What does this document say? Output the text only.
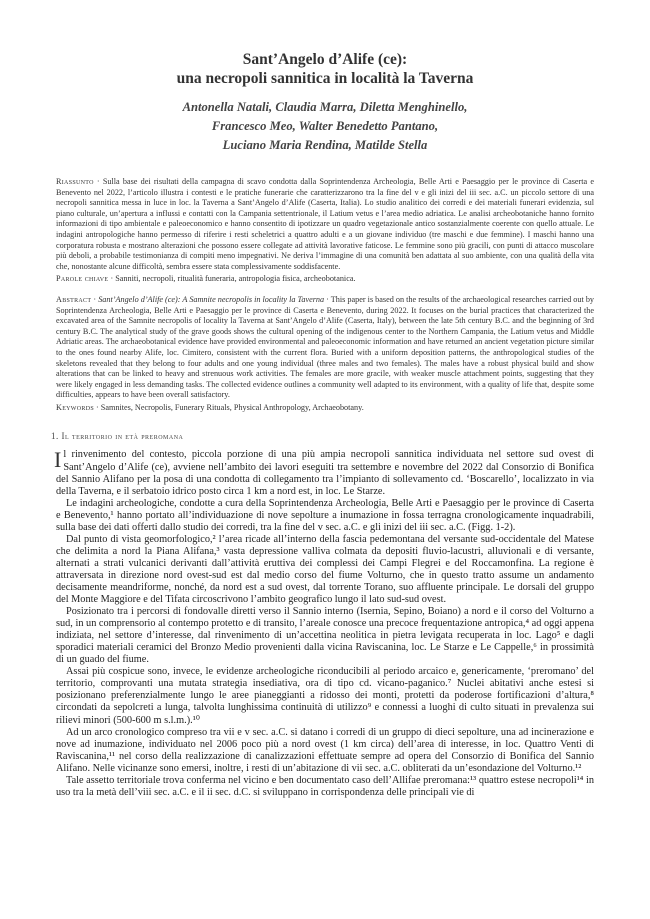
Sant’Angelo d’Alife (ce):
una necropoli sannitica in località la Taverna
Antonella Natali, Claudia Marra, Diletta Menghinello,
Francesco Meo, Walter Benedetto Pantano,
Luciano Maria Rendina, Matilde Stella

Riassunto · Sulla base dei risultati della campagna di scavo condotta dalla Soprintendenza Archeologia, Belle Arti e Paesaggio per le province di Caserta e Benevento nel 2022, l’articolo illustra i contesti e le pratiche funerarie che caratterizzarono tra la fine del v e gli inizi del iii sec. a.C. un piccolo settore di una necropoli sannitica messa in luce in loc. la Taverna a Sant’Angelo d’Alife (Caserta, Italia). Lo studio analitico dei corredi e dei materiali funerari evidenzia, sul piano culturale, un’apertura a influssi e contatti con la Campania settentrionale, il Latium vetus e l’area medio adriatica. Le analisi archeobotaniche hanno fornito informazioni di tipo ambientale e paleoeconomico e hanno consentito di ipotizzare un quadro vegetazionale antico sostanzialmente coerente con quello attuale. Le indagini antropologiche hanno permesso di riferire i resti scheletrici a quattro adulti e a un giovane individuo (tre maschi e due femmine). I maschi hanno una corporatura robusta e mostrano alterazioni che possono essere collegate ad attività lavorative faticose. Le femmine sono più gracili, con punti di attacco muscolare più deboli, a probabile testimonianza di compiti meno impegnativi. Ne deriva l’immagine di una comunità ben adattata al suo ambiente, con una qualità della vita che, nonostante alcune difficoltà, sembra essere stata complessivamente soddisfacente.

Parole chiave · Sanniti, necropoli, ritualità funeraria, antropologia fisica, archeobotanica.

Abstract · Sant’Angelo d’Alife (ce): A Samnite necropolis in locality la Taverna · This paper is based on the results of the archaeological researches carried out by Soprintendenza Archeologia, Belle Arti e Paesaggio per le province di Caserta e Benevento, during 2022. It focuses on the burial practices that characterized the excavated area of the Samnite necropolis of locality la Taverna at Sant’Angelo d’Alife (Caserta, Italy), between the late 5th century B.C. and the beginning of 3rd century B.C. The analytical study of the grave goods shows the cultural opening of the indigenous center to the Northern Campania, the Latium vetus and Middle Adriatic areas. The archaeobotanical evidence have provided environmental and paleoeconomic information and have returned an ancient vegetation picture similar to the ones found nearby Alife, loc. Cimitero, consistent with the current flora. Buried with a uniform deposition patterns, the anthropological studies of the skeletons revealed that they belong to four adults and one young individual (three males and two females). The males have a robust physical build and show alterations that can be linked to heavy and strenuous work activities. The females are more gracile, with weaker muscle attachment points, suggesting that they were likely engaged in less demanding tasks. The collected evidence outlines a community well adapted to its environment, with a quality of life that, despite some difficulties, appears to have been overall satisfactory.

Keywords · Samnites, Necropolis, Funerary Rituals, Physical Anthropology, Archaeobotany.

1. Il territorio in età preromana

Il rinvenimento del contesto, piccola porzione di una più ampia necropoli sannitica individuata nel settore sud ovest di Sant’Angelo d’Alife (ce), avviene nell’ambito dei lavori eseguiti tra settembre e novembre del 2022 dal Consorzio di Bonifica del Sannio Alifano per la posa di una condotta di collegamento tra l’impianto di sollevamento cd. ‘Boscarello’, localizzato in via della Taverna, e il serbatoio idrico posto circa 1 km a nord est, in loc. Le Starze.

Le indagini archeologiche, condotte a cura della Soprintendenza Archeologia, Belle Arti e Paesaggio per le province di Caserta e Benevento,¹ hanno portato all’individuazione di nove sepolture a inumazione in fossa terragna cronologicamente inquadrabili, sulla base dei dati offerti dallo studio dei corredi, tra la fine del v sec. a.C. e gli inizi del iii sec. a.C. (Figg. 1-2).

Dal punto di vista geomorfologico,² l’area ricade all’interno della fascia pedemontana del versante sud-occidentale del Matese che delimita a nord la Piana Alifana,³ vasta depressione valliva colmata da depositi fluvio-lacustri, alluvionali e di versante, alternati a strati vulcanici derivanti dall’attività eruttiva dei complessi dei Campi Flegrei e del Roccamonfina. La regione è attraversata in direzione nord ovest-sud est dal medio corso del fiume Volturno, che in questo tratto assume un andamento decisamente meandriforme, nonché, da nord est a sud ovest, dal torrente Torano, suo affluente principale. Le dorsali del gruppo del Monte Maggiore e del Tifata circoscrivono l’ambito geografico lungo il lato sud-sud ovest.

Posizionato tra i percorsi di fondovalle diretti verso il Sannio interno (Isernia, Sepino, Boiano) a nord e il corso del Volturno a sud, in un comprensorio al contempo protetto e di transito, l’areale conosce una precoce frequentazione antropica,⁴ ad oggi appena indiziata, nel settore d’interesse, dal rinvenimento di un’accettina neolitica in pietra levigata recuperata in loc. Lago⁵ e dagli sporadici materiali ceramici del Bronzo Medio provenienti dalla vicina Raviscanina, loc. Le Starze e Le Cappelle,⁶ in prossimità di un guado del fiume.

Assai più cospicue sono, invece, le evidenze archeologiche riconducibili al periodo arcaico e, genericamente, ‘preromano’ del territorio, comprovanti una mutata strategia insediativa, ora di tipo cd. vicano-paganico.⁷ Nuclei abitativi anche estesi si posizionano preferenzialmente lungo le aree pianeggianti a ridosso dei monti, protetti da poderose fortificazioni d’altura,⁸ circondati da sepolcreti a lunga, talvolta lunghissima continuità di utilizzo⁹ e connessi a luoghi di culto situati in prevalenza sui rilievi minori (500-600 m s.l.m.).¹⁰

Ad un arco cronologico compreso tra vii e v sec. a.C. si datano i corredi di un gruppo di dieci sepolture, una ad incinerazione e nove ad inumazione, individuato nel 2006 poco più a nord ovest (1 km circa) dell’area di interesse, in loc. Quattro Venti di Raviscanina,¹¹ nel corso della realizzazione di canalizzazioni effettuate sempre ad opera del Consorzio di Bonifica del Sannio Alifano. Nelle vicinanze sono emersi, inoltre, i resti di un’abitazione di vii sec. a.C. obliterati da un’esondazione del Volturno.¹²

Tale assetto territoriale trova conferma nel vicino e ben documentato caso dell’Allifae preromana:¹³ quattro estese necropoli¹⁴ in uso tra la metà dell’viii sec. a.C. e il ii sec. d.C. si sviluppano in corrispondenza delle principali vie di
